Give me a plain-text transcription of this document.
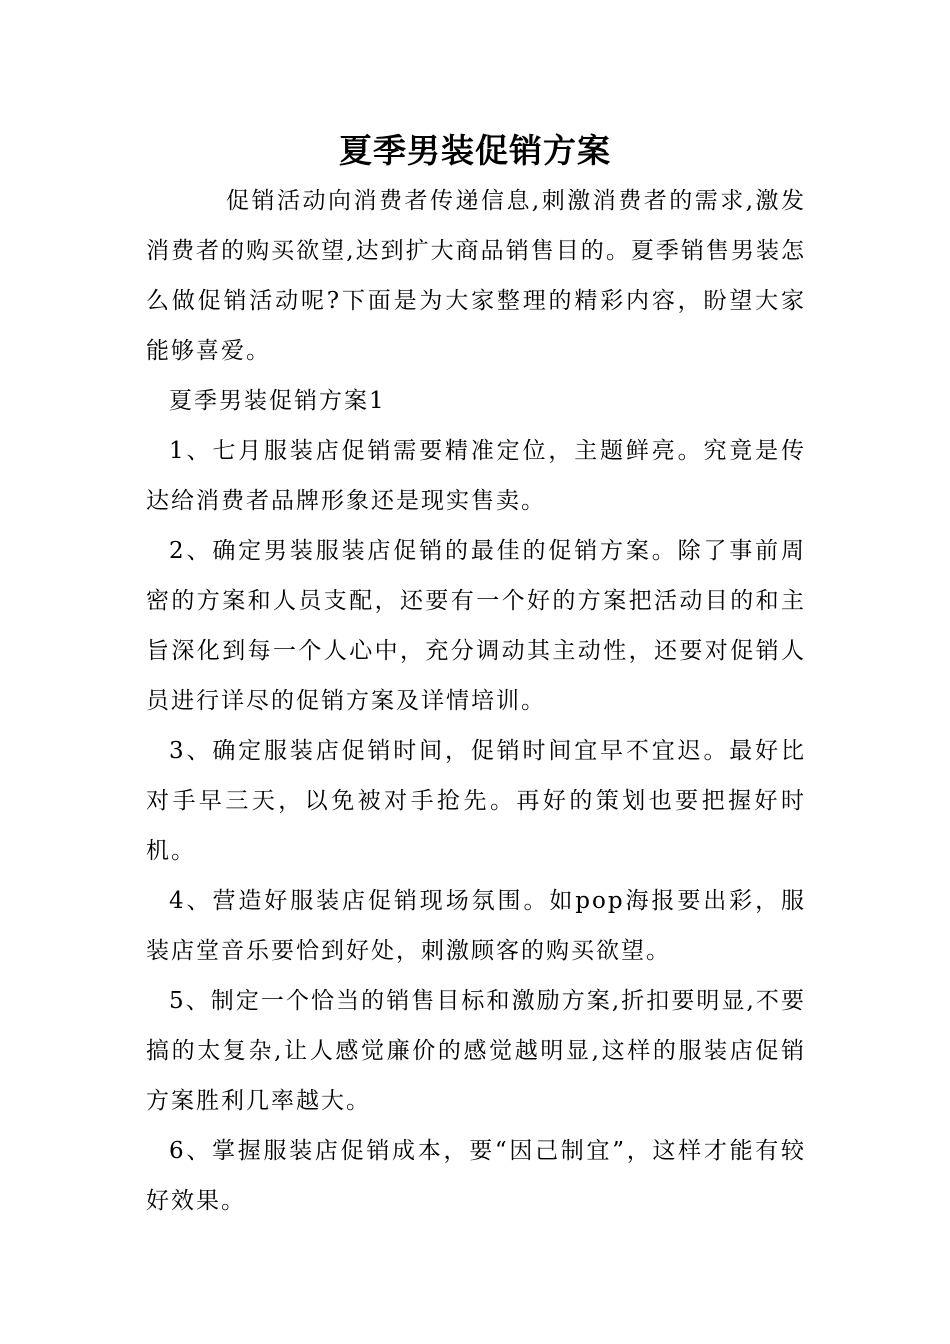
夏季男装促销方案

促销活动向消费者传递信息,刺激消费者的需求,激发消费者的购买欲望,达到扩大商品销售目的。夏季销售男装怎么做促销活动呢?下面是为大家整理的精彩内容，盼望大家能够喜爱。

夏季男装促销方案1

1、七月服装店促销需要精准定位，主题鲜亮。究竟是传达给消费者品牌形象还是现实售卖。

2、确定男装服装店促销的最佳的促销方案。除了事前周密的方案和人员支配，还要有一个好的方案把活动目的和主旨深化到每一个人心中，充分调动其主动性，还要对促销人员进行详尽的促销方案及详情培训。

3、确定服装店促销时间，促销时间宜早不宜迟。最好比对手早三天，以免被对手抢先。再好的策划也要把握好时机。

4、营造好服装店促销现场氛围。如pop海报要出彩，服装店堂音乐要恰到好处，刺激顾客的购买欲望。

5、制定一个恰当的销售目标和激励方案,折扣要明显,不要搞的太复杂,让人感觉廉价的感觉越明显,这样的服装店促销方案胜利几率越大。

6、掌握服装店促销成本，要“因己制宜”，这样才能有较好效果。
